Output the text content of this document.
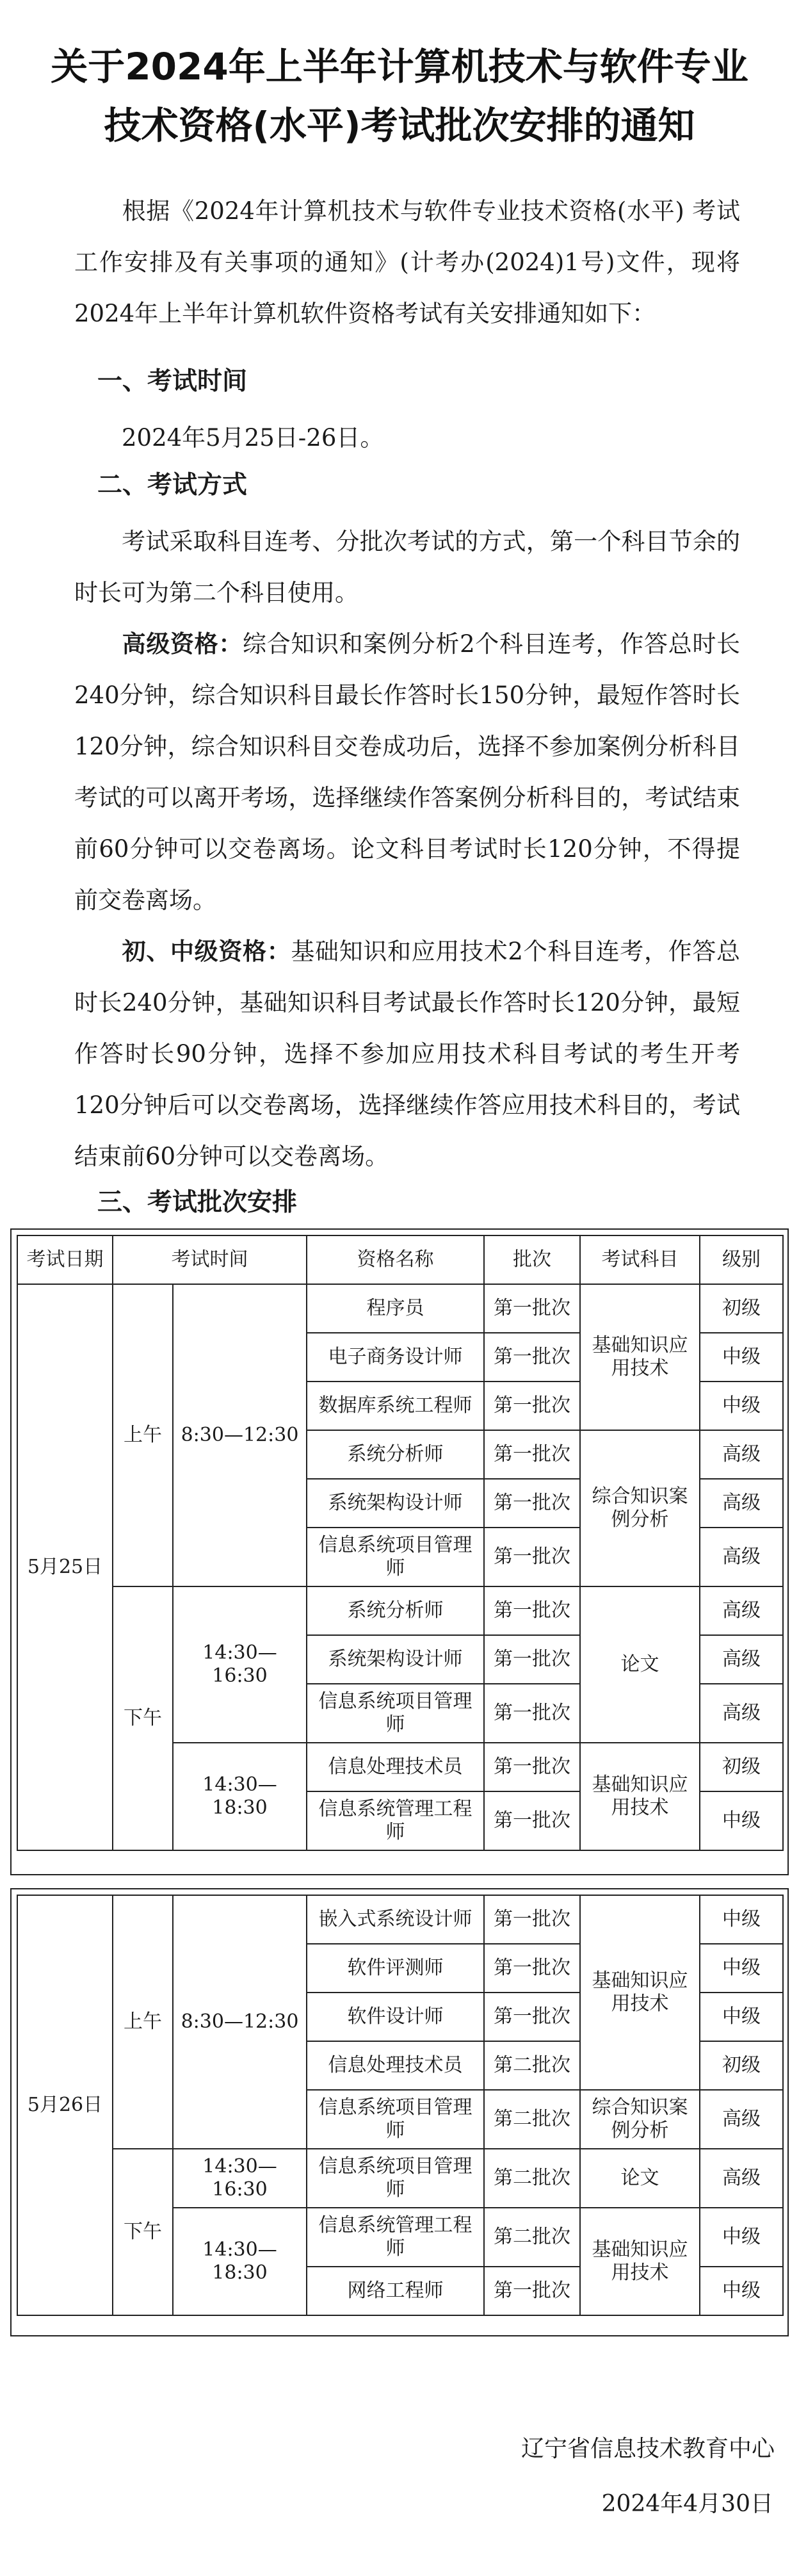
关于2024年上半年计算机技术与软件专业
技术资格(水平)考试批次安排的通知
根据《2024年计算机技术与软件专业技术资格(水平) 考试工作安排及有关事项的通知》(计考办(2024)1号)文件，现将2024年上半年计算机软件资格考试有关安排通知如下：
一、考试时间
2024年5月25日-26日。
二、考试方式
考试采取科目连考、分批次考试的方式，第一个科目节余的时长可为第二个科目使用。
高级资格：综合知识和案例分析2个科目连考，作答总时长240分钟，综合知识科目最长作答时长150分钟，最短作答时长120分钟，综合知识科目交卷成功后，选择不参加案例分析科目考试的可以离开考场，选择继续作答案例分析科目的，考试结束前60分钟可以交卷离场。论文科目考试时长120分钟，不得提前交卷离场。
初、中级资格：基础知识和应用技术2个科目连考，作答总时长240分钟，基础知识科目考试最长作答时长120分钟，最短作答时长90分钟，选择不参加应用技术科目考试的考生开考120分钟后可以交卷离场，选择继续作答应用技术科目的，考试结束前60分钟可以交卷离场。
三、考试批次安排
考试日期	考试时间		资格名称	批次	考试科目	级别
5月25日	上午	8:30—12:30	程序员	第一批次	基础知识应用技术	初级
			电子商务设计师	第一批次		中级
			数据库系统工程师	第一批次		中级
			系统分析师	第一批次	综合知识案例分析	高级
			系统架构设计师	第一批次		高级
			信息系统项目管理师	第一批次		高级
	下午	14:30—16:30	系统分析师	第一批次	论文	高级
			系统架构设计师	第一批次		高级
			信息系统项目管理师	第一批次		高级
		14:30—18:30	信息处理技术员	第一批次	基础知识应用技术	初级
			信息系统管理工程师	第一批次		中级
5月26日	上午	8:30—12:30	嵌入式系统设计师	第一批次	基础知识应用技术	中级
			软件评测师	第一批次		中级
			软件设计师	第一批次		中级
			信息处理技术员	第二批次		初级
			信息系统项目管理师	第二批次	综合知识案例分析	高级
	下午	14:30—16:30	信息系统项目管理师	第二批次	论文	高级
		14:30—18:30	信息系统管理工程师	第二批次	基础知识应用技术	中级
			网络工程师	第一批次		中级
辽宁省信息技术教育中心
2024年4月30日
